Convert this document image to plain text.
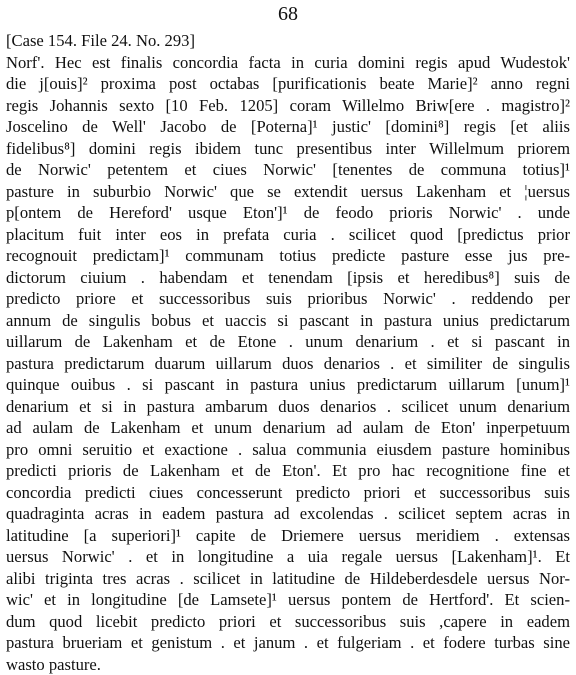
68
[Case 154. File 24. No. 293]
Norf'. Hec est finalis concordia facta in curia domini regis apud Wudestok'
die j[ouis]² proxima post octabas [purificationis beate Marie]² anno regni
regis Johannis sexto [10 Feb. 1205] coram Willelmo Briw[ere . magistro]²
Joscelino de Well' Jacobo de [Poterna]¹ justic' [domini⁸] regis [et aliis
fidelibus⁸] domini regis ibidem tunc presentibus inter Willelmum priorem
de Norwic' petentem et ciues Norwic' [tenentes de communa totius]¹
pasture in suburbio Norwic' que se extendit uersus Lakenham et ¦uersus
p[ontem de Hereford' usque Eton']¹ de feodo prioris Norwic' . unde
placitum fuit inter eos in prefata curia . scilicet quod [predictus prior
recognouit predictam]¹ communam totius predicte pasture esse jus pre-
dictorum ciuium . habendam et tenendam [ipsis et heredibus⁸] suis de
predicto priore et successoribus suis prioribus Norwic' . reddendo per
annum de singulis bobus et uaccis si pascant in pastura unius predictarum
uillarum de Lakenham et de Etone . unum denarium . et si pascant in
pastura predictarum duarum uillarum duos denarios . et similiter de singulis
quinque ouibus . si pascant in pastura unius predictarum uillarum [unum]¹
denarium et si in pastura ambarum duos denarios . scilicet unum denarium
ad aulam de Lakenham et unum denarium ad aulam de Eton' inperpetuum
pro omni seruitio et exactione . salua communia eiusdem pasture hominibus
predicti prioris de Lakenham et de Eton'. Et pro hac recognitione fine et
concordia predicti ciues concesserunt predicto priori et successoribus suis
quadraginta acras in eadem pastura ad excolendas . scilicet septem acras in
latitudine [a superiori]¹ capite de Driemere uersus meridiem . extensas
uersus Norwic' . et in longitudine a uia regale uersus [Lakenham]¹. Et
alibi triginta tres acras . scilicet in latitudine de Hildeberdesdele uersus Nor-
wic' et in longitudine [de Lamsete]¹ uersus pontem de Hertford'. Et scien-
dum quod licebit predicto priori et successoribus suis ,capere in eadem
pastura brueriam et genistum . et janum . et fulgeriam . et fodere turbas sine
wasto pasture.
